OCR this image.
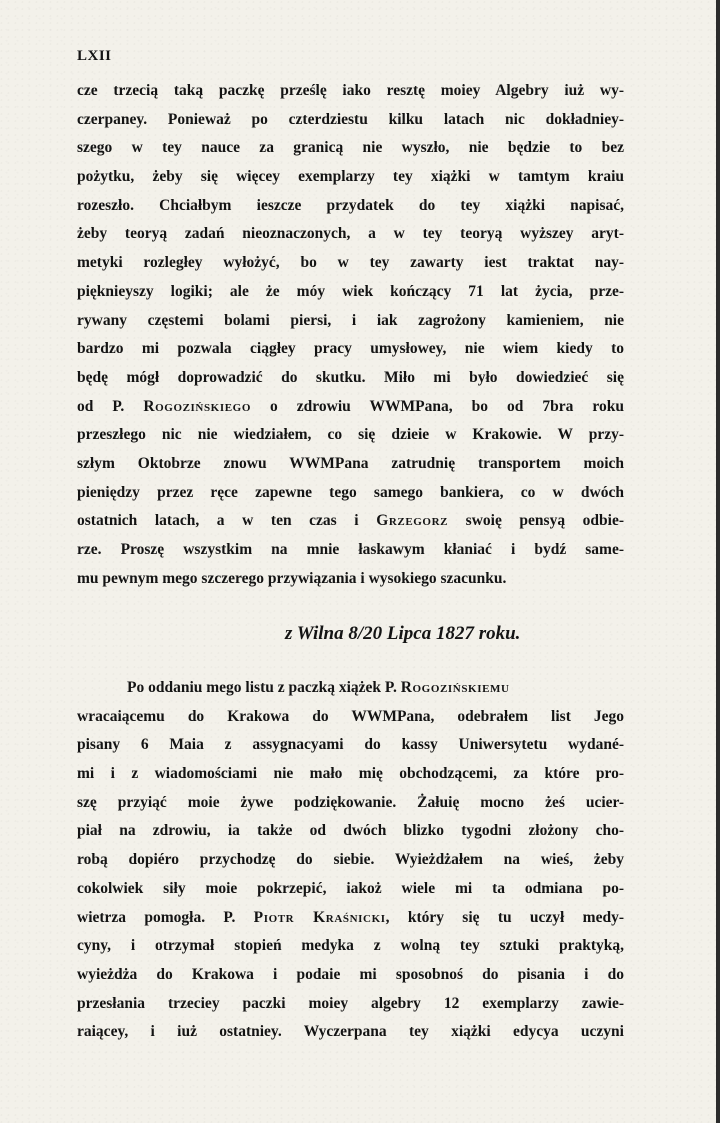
LXII
cze trzecią taką paczkę prześlę iako resztę moiey Algebry iuż wy-
czerpaney. Ponieważ po czterdziestu kilku latach nic dokładniey-
szego w tey nauce za granicą nie wyszło, nie będzie to bez
pożytku, żeby się więcey exemplarzy tey xiążki w tamtym kraiu
rozeszło. Chciałbym ieszcze przydatek do tey xiążki napisać,
żeby teoryą zadań nieoznaczonych, a w tey teoryą wyższey aryt-
metyki rozległey wyłożyć, bo w tey zawarty iest traktat nay-
pięknieyszy logiki; ale że móy wiek kończący 71 lat życia, prze-
rywany częstemi bolami piersi, i iak zagrożony kamieniem, nie
bardzo mi pozwala ciągłey pracy umysłowey, nie wiem kiedy to
będę mógł doprowadzić do skutku. Miło mi było dowiedzieć się
od P. Rogozińskiego o zdrowiu WWMPana, bo od 7bra roku
przeszłego nic nie wiedziałem, co się dzieie w Krakowie. W przy-
szłym Oktobrze znowu WWMPana zatrudnię transportem moich
pieniędzy przez ręce zapewne tego samego bankiera, co w dwóch
ostatnich latach, a w ten czas i Grzegorz swoię pensyą odbie-
rze. Proszę wszystkim na mnie łaskawym kłaniać i bydź same-
mu pewnym mego szczerego przywiązania i wysokiego szacunku.
z Wilna 8/20 Lipca 1827 roku.
Po oddaniu mego listu z paczką xiążek P. Rogozińskiemu
wracaiącemu do Krakowa do WWMPana, odebrałem list Jego
pisany 6 Maia z assygnacyami do kassy Uniwersytetu wydané-
mi i z wiadomościami nie mało mię obchodzącemi, za które pro-
szę przyiąć moie żywe podziękowanie. Żałuię mocno żeś ucier-
piał na zdrowiu, ia także od dwóch blizko tygodni złożony cho-
robą dopiéro przychodzę do siebie. Wyieżdżałem na wieś, żeby
cokolwiek siły moie pokrzepić, iakoż wiele mi ta odmiana po-
wietrza pomogła. P. Piotr Kraśnicki, który się tu uczył medy-
cyny, i otrzymał stopień medyka z wolną tey sztuki praktyką,
wyieżdża do Krakowa i podaie mi sposobnoś do pisania i do
przesłania trzeciey paczki moiey algebry 12 exemplarzy zawie-
raiącey, i iuż ostatniey. Wyczerpana tey xiążki edycya uczyni
